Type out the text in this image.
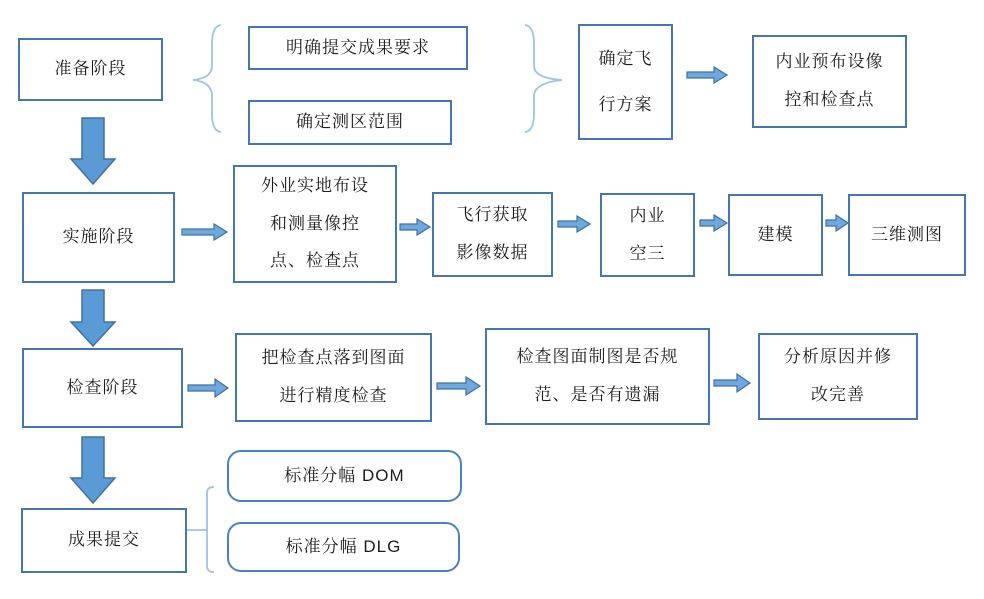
准备阶段
明确提交成果要求
确定测区范围
确定飞
行方案
内业预布设像
控和检查点
实施阶段
外业实地布设
和测量像控
点、检查点
飞行获取
影像数据
内业
空三
建模	三维测图
检查阶段
把检查点落到图面
进行精度检查
检查图面制图是否规
范、是否有遗漏
分析原因并修
改完善
成果提交
标准分幅 DOM
标准分幅 DLG
